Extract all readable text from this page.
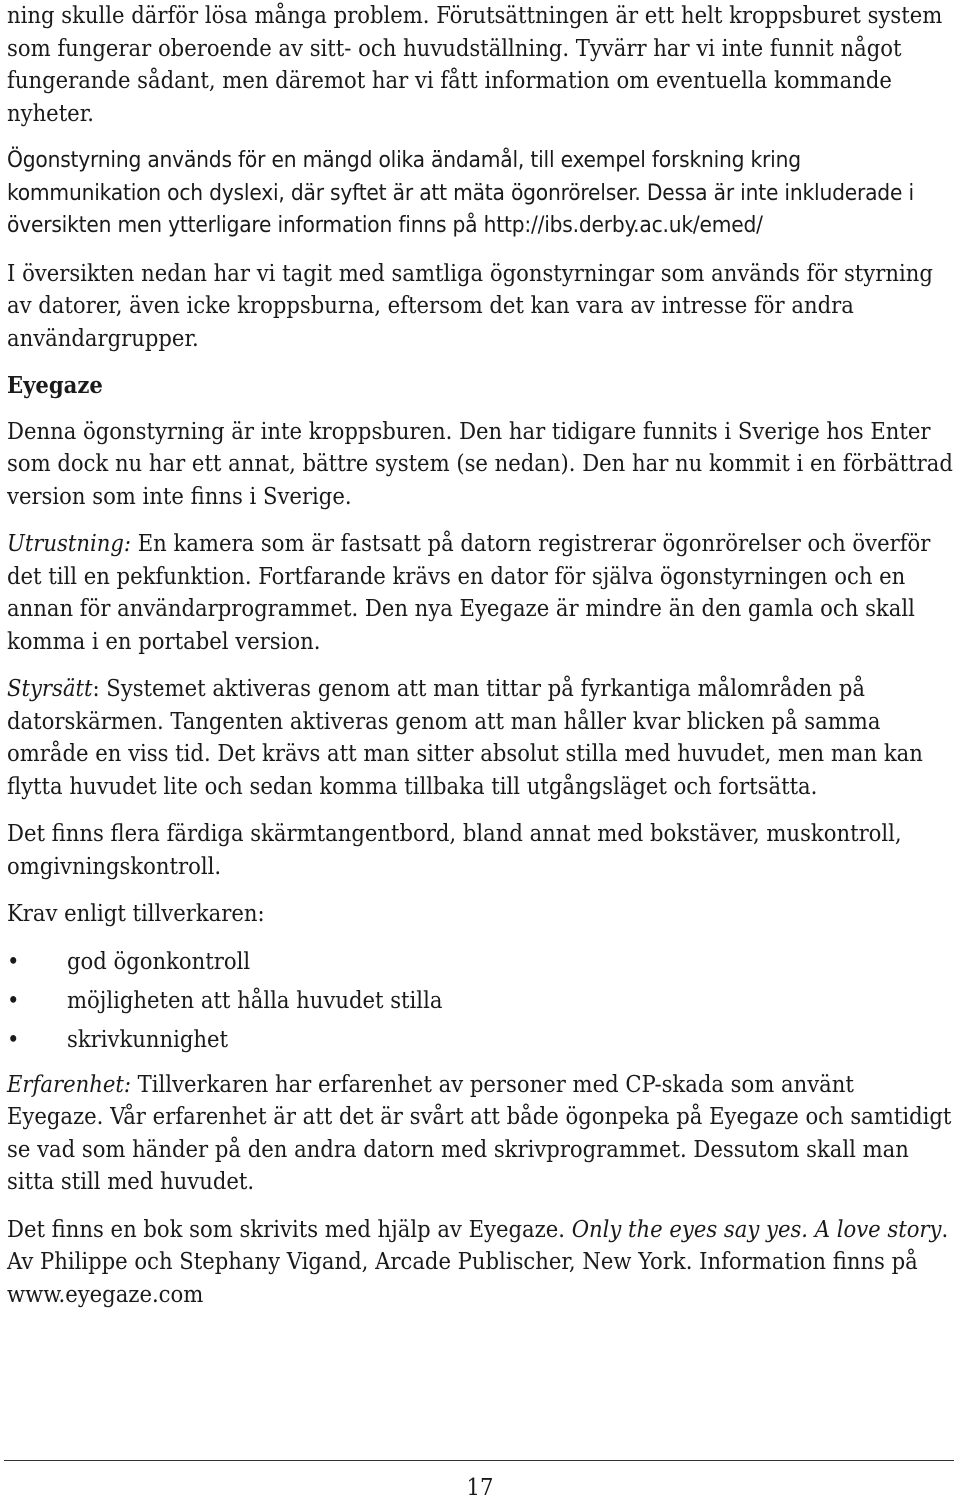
ning skulle därför lösa många problem. Förutsättningen är ett helt kroppsburet system som fungerar oberoende av sitt- och huvudställning. Tyvärr har vi inte funnit något fungerande sådant, men däremot har vi fått information om eventuella kommande nyheter.

Ögonstyrning används för en mängd olika ändamål, till exempel forskning kring kommunikation och dyslexi, där syftet är att mäta ögonrörelser. Dessa är inte inkluderade i översikten men ytterligare information finns på http://ibs.derby.ac.uk/emed/

I översikten nedan har vi tagit med samtliga ögonstyrningar som används för styrning av datorer, även icke kroppsburna, eftersom det kan vara av intresse för andra användargrupper.

Eyegaze

Denna ögonstyrning är inte kroppsburen. Den har tidigare funnits i Sverige hos Enter som dock nu har ett annat, bättre system (se nedan). Den har nu kommit i en förbättrad version som inte finns i Sverige.

Utrustning: En kamera som är fastsatt på datorn registrerar ögonrörelser och överför det till en pekfunktion. Fortfarande krävs en dator för själva ögonstyrningen och en annan för användarprogrammet. Den nya Eyegaze är mindre än den gamla och skall komma i en portabel version.

Styrsätt: Systemet aktiveras genom att man tittar på fyrkantiga målområden på datorskärmen. Tangenten aktiveras genom att man håller kvar blicken på samma område en viss tid. Det krävs att man sitter absolut stilla med huvudet, men man kan flytta huvudet lite och sedan komma tillbaka till utgångsläget och fortsätta.

Det finns flera färdiga skärmtangentbord, bland annat med bokstäver, muskontroll, omgivningskontroll.

Krav enligt tillverkaren:

• god ögonkontroll
• möjligheten att hålla huvudet stilla
• skrivkunnighet

Erfarenhet: Tillverkaren har erfarenhet av personer med CP-skada som använt Eyegaze. Vår erfarenhet är att det är svårt att både ögonpeka på Eyegaze och samtidigt se vad som händer på den andra datorn med skrivprogrammet. Dessutom skall man sitta still med huvudet.

Det finns en bok som skrivits med hjälp av Eyegaze. Only the eyes say yes. A love story. Av Philippe och Stephany Vigand, Arcade Publischer, New York. Information finns på www.eyegaze.com

17
